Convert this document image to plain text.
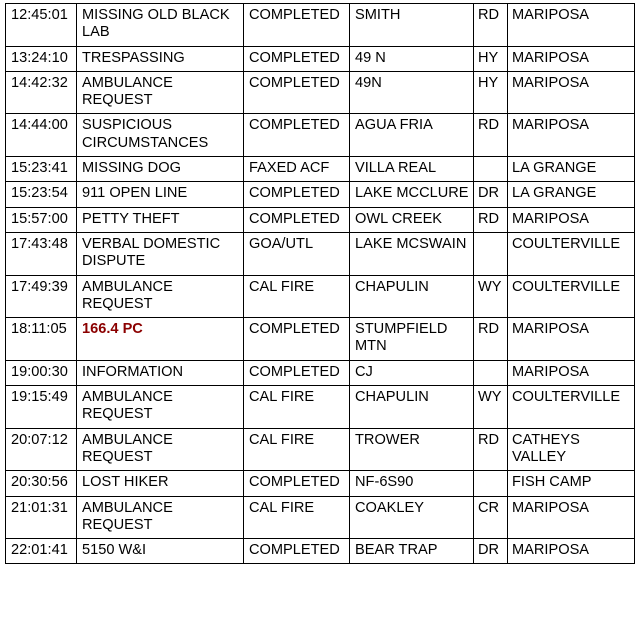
12:45:01	MISSING OLD BLACK LAB	COMPLETED	SMITH	RD	MARIPOSA
13:24:10	TRESPASSING	COMPLETED	49 N	HY	MARIPOSA
14:42:32	AMBULANCE REQUEST	COMPLETED	49N	HY	MARIPOSA
14:44:00	SUSPICIOUS CIRCUMSTANCES	COMPLETED	AGUA FRIA	RD	MARIPOSA
15:23:41	MISSING DOG	FAXED ACF	VILLA REAL		LA GRANGE
15:23:54	911 OPEN LINE	COMPLETED	LAKE MCCLURE	DR	LA GRANGE
15:57:00	PETTY THEFT	COMPLETED	OWL CREEK	RD	MARIPOSA
17:43:48	VERBAL DOMESTIC DISPUTE	GOA/UTL	LAKE MCSWAIN		COULTERVILLE
17:49:39	AMBULANCE REQUEST	CAL FIRE	CHAPULIN	WY	COULTERVILLE
18:11:05	166.4 PC	COMPLETED	STUMPFIELD MTN	RD	MARIPOSA
19:00:30	INFORMATION	COMPLETED	CJ		MARIPOSA
19:15:49	AMBULANCE REQUEST	CAL FIRE	CHAPULIN	WY	COULTERVILLE
20:07:12	AMBULANCE REQUEST	CAL FIRE	TROWER	RD	CATHEYS VALLEY
20:30:56	LOST HIKER	COMPLETED	NF-6S90		FISH CAMP
21:01:31	AMBULANCE REQUEST	CAL FIRE	COAKLEY	CR	MARIPOSA
22:01:41	5150 W&I	COMPLETED	BEAR TRAP	DR	MARIPOSA
